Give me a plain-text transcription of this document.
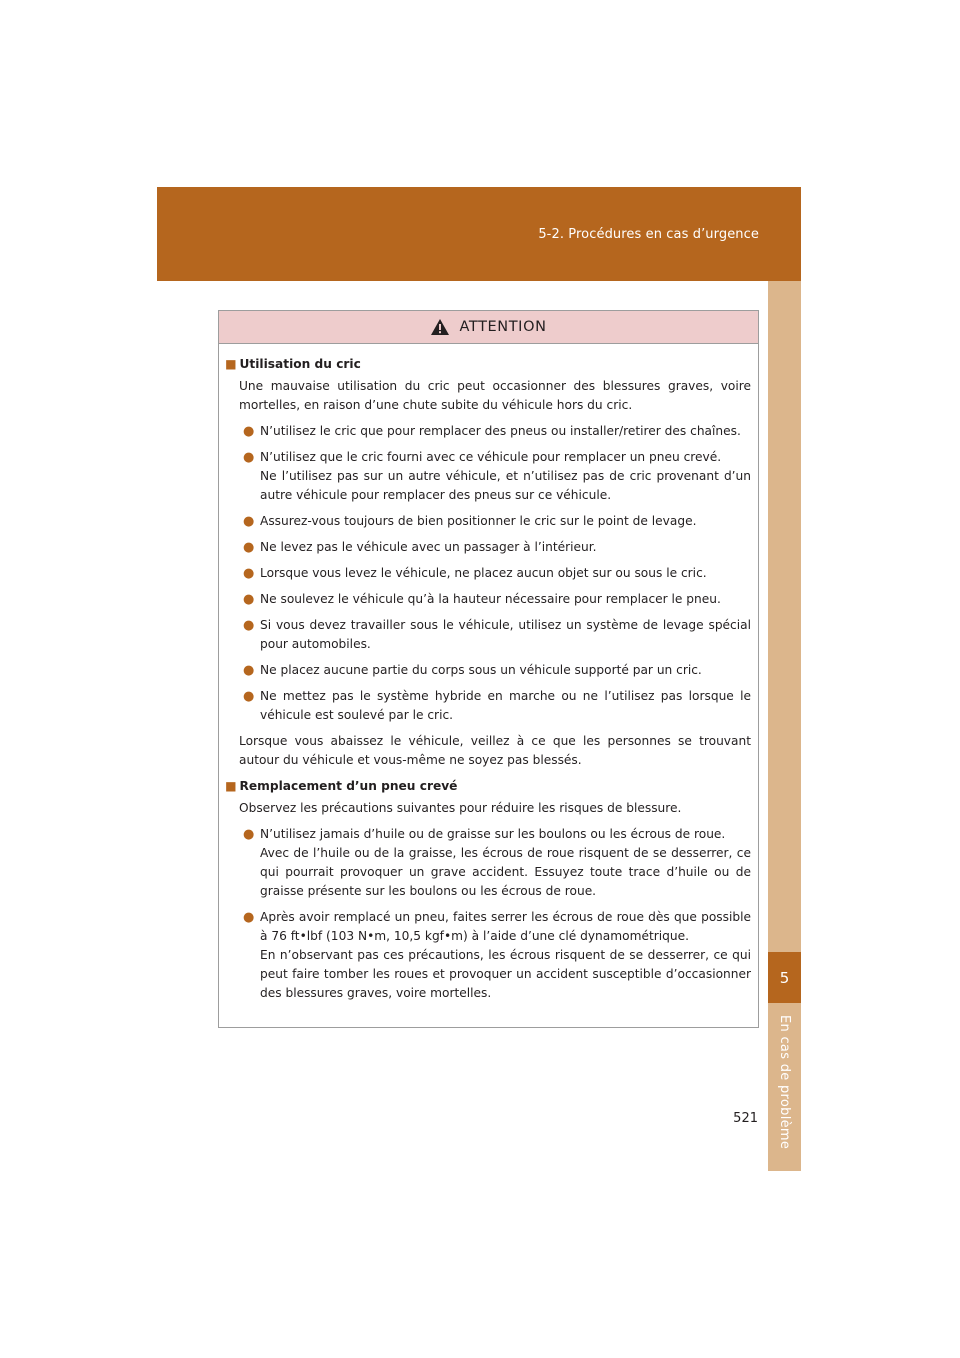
5-2. Procédures en cas d’urgence
5
En cas de problème
ATTENTION
■ Utilisation du cric
Une mauvaise utilisation du cric peut occasionner des blessures graves, voire mortelles, en raison d’une chute subite du véhicule hors du cric.
● N’utilisez le cric que pour remplacer des pneus ou installer/retirer des chaînes.
● N’utilisez que le cric fourni avec ce véhicule pour remplacer un pneu crevé.
Ne l’utilisez pas sur un autre véhicule, et n’utilisez pas de cric provenant d’un autre véhicule pour remplacer des pneus sur ce véhicule.
● Assurez-vous toujours de bien positionner le cric sur le point de levage.
● Ne levez pas le véhicule avec un passager à l’intérieur.
● Lorsque vous levez le véhicule, ne placez aucun objet sur ou sous le cric.
● Ne soulevez le véhicule qu’à la hauteur nécessaire pour remplacer le pneu.
● Si vous devez travailler sous le véhicule, utilisez un système de levage spécial pour automobiles.
● Ne placez aucune partie du corps sous un véhicule supporté par un cric.
● Ne mettez pas le système hybride en marche ou ne l’utilisez pas lorsque le véhicule est soulevé par le cric.
Lorsque vous abaissez le véhicule, veillez à ce que les personnes se trouvant autour du véhicule et vous-même ne soyez pas blessés.
■ Remplacement d’un pneu crevé
Observez les précautions suivantes pour réduire les risques de blessure.
● N’utilisez jamais d’huile ou de graisse sur les boulons ou les écrous de roue.
Avec de l’huile ou de la graisse, les écrous de roue risquent de se desserrer, ce qui pourrait provoquer un grave accident. Essuyez toute trace d’huile ou de graisse présente sur les boulons ou les écrous de roue.
● Après avoir remplacé un pneu, faites serrer les écrous de roue dès que possible à 76 ft•lbf (103 N•m, 10,5 kgf•m) à l’aide d’une clé dynamométrique.
En n’observant pas ces précautions, les écrous risquent de se desserrer, ce qui peut faire tomber les roues et provoquer un accident susceptible d’occasionner des blessures graves, voire mortelles.
521
